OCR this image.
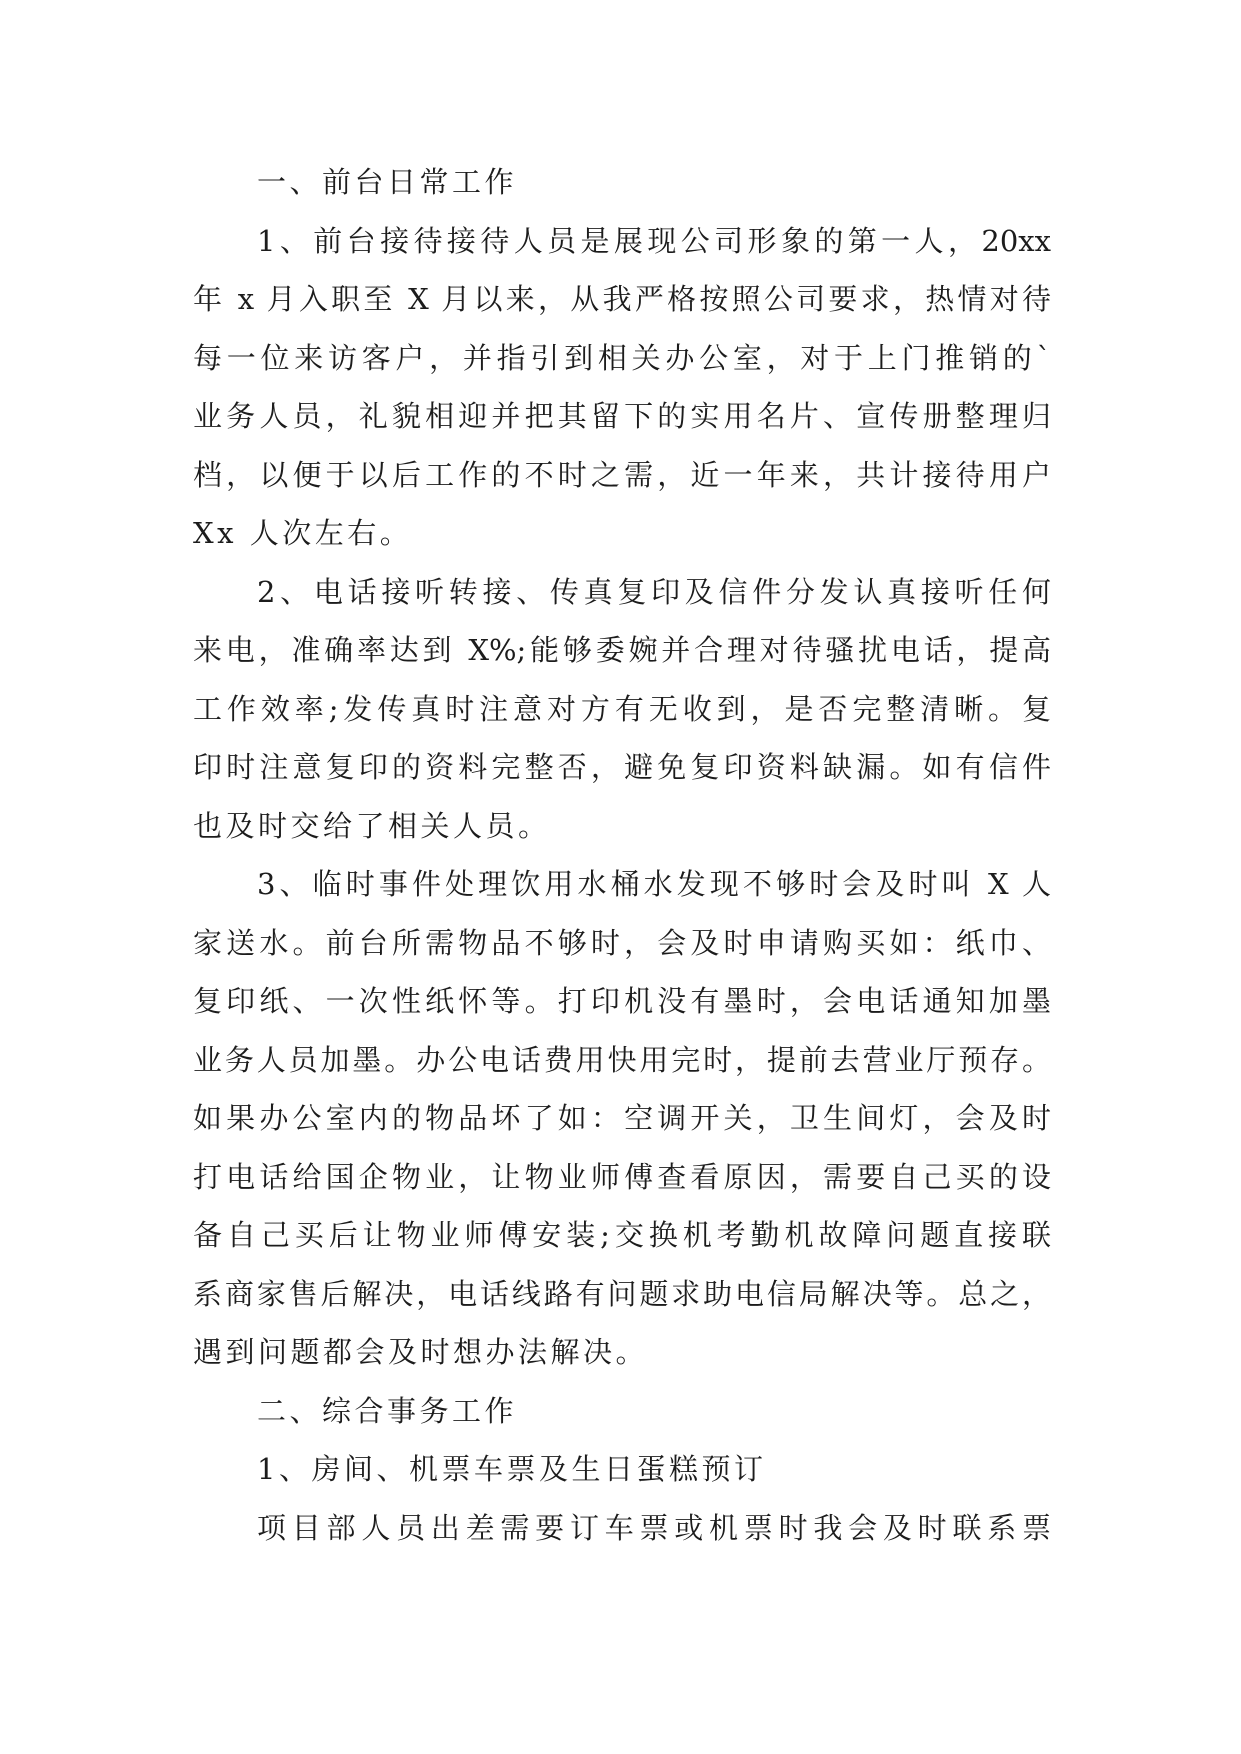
一、前台日常工作
1、前台接待接待人员是展现公司形象的第一人，20xx
年 x 月入职至 X 月以来，从我严格按照公司要求，热情对待
每一位来访客户，并指引到相关办公室，对于上门推销的`
业务人员，礼貌相迎并把其留下的实用名片、宣传册整理归
档，以便于以后工作的不时之需，近一年来，共计接待用户
Xx 人次左右。
2、电话接听转接、传真复印及信件分发认真接听任何
来电，准确率达到 X%;能够委婉并合理对待骚扰电话，提高
工作效率;发传真时注意对方有无收到，是否完整清晰。复
印时注意复印的资料完整否，避免复印资料缺漏。如有信件
也及时交给了相关人员。
3、临时事件处理饮用水桶水发现不够时会及时叫 X 人
家送水。前台所需物品不够时，会及时申请购买如：纸巾、
复印纸、一次性纸怀等。打印机没有墨时，会电话通知加墨
业务人员加墨。办公电话费用快用完时，提前去营业厅预存。
如果办公室内的物品坏了如：空调开关，卫生间灯，会及时
打电话给国企物业，让物业师傅查看原因，需要自己买的设
备自己买后让物业师傅安装;交换机考勤机故障问题直接联
系商家售后解决，电话线路有问题求助电信局解决等。总之，
遇到问题都会及时想办法解决。
二、综合事务工作
1、房间、机票车票及生日蛋糕预订
项目部人员出差需要订车票或机票时我会及时联系票
